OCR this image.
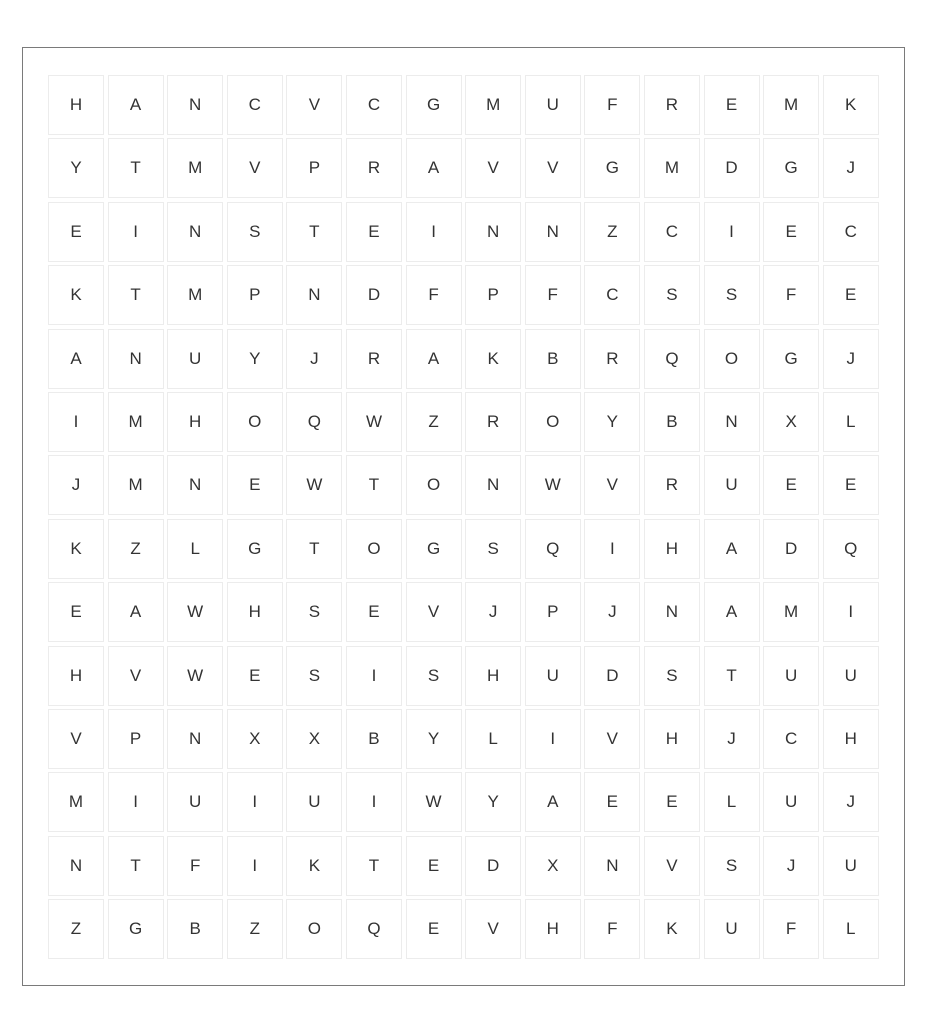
H	A	N	C	V	C	G	M	U	F	R	E	M	K
Y	T	M	V	P	R	A	V	V	G	M	D	G	J
E	I	N	S	T	E	I	N	N	Z	C	I	E	C
K	T	M	P	N	D	F	P	F	C	S	S	F	E
A	N	U	Y	J	R	A	K	B	R	Q	O	G	J
I	M	H	O	Q	W	Z	R	O	Y	B	N	X	L
J	M	N	E	W	T	O	N	W	V	R	U	E	E
K	Z	L	G	T	O	G	S	Q	I	H	A	D	Q
E	A	W	H	S	E	V	J	P	J	N	A	M	I
H	V	W	E	S	I	S	H	U	D	S	T	U	U
V	P	N	X	X	B	Y	L	I	V	H	J	C	H
M	I	U	I	U	I	W	Y	A	E	E	L	U	J
N	T	F	I	K	T	E	D	X	N	V	S	J	U
Z	G	B	Z	O	Q	E	V	H	F	K	U	F	L
